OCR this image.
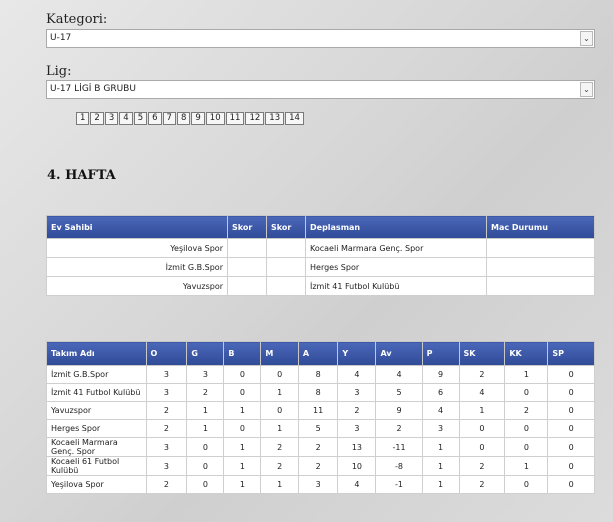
Kategori:
U-17	⌄
Lig:
U-17 LİGİ B GRUBU	⌄
1	2	3	4	5	6	7	8	9	10	11	12	13	14
4. HAFTA
Ev Sahibi	Skor	Skor	Deplasman	Mac Durumu
Yeşilova Spor			Kocaeli Marmara Genç. Spor	
İzmit G.B.Spor			Herges Spor	
Yavuzspor			İzmit 41 Futbol Kulübü	
Takım Adı	O	G	B	M	A	Y	Av	P	SK	KK	SP
İzmit G.B.Spor	3	3	0	0	8	4	4	9	2	1	0
İzmit 41 Futbol Kulübü	3	2	0	1	8	3	5	6	4	0	0
Yavuzspor	2	1	1	0	11	2	9	4	1	2	0
Herges Spor	2	1	0	1	5	3	2	3	0	0	0
Kocaeli Marmara Genç. Spor	3	0	1	2	2	13	-11	1	0	0	0
Kocaeli 61 Futbol Kulübü	3	0	1	2	2	10	-8	1	2	1	0
Yeşilova Spor	2	0	1	1	3	4	-1	1	2	0	0
